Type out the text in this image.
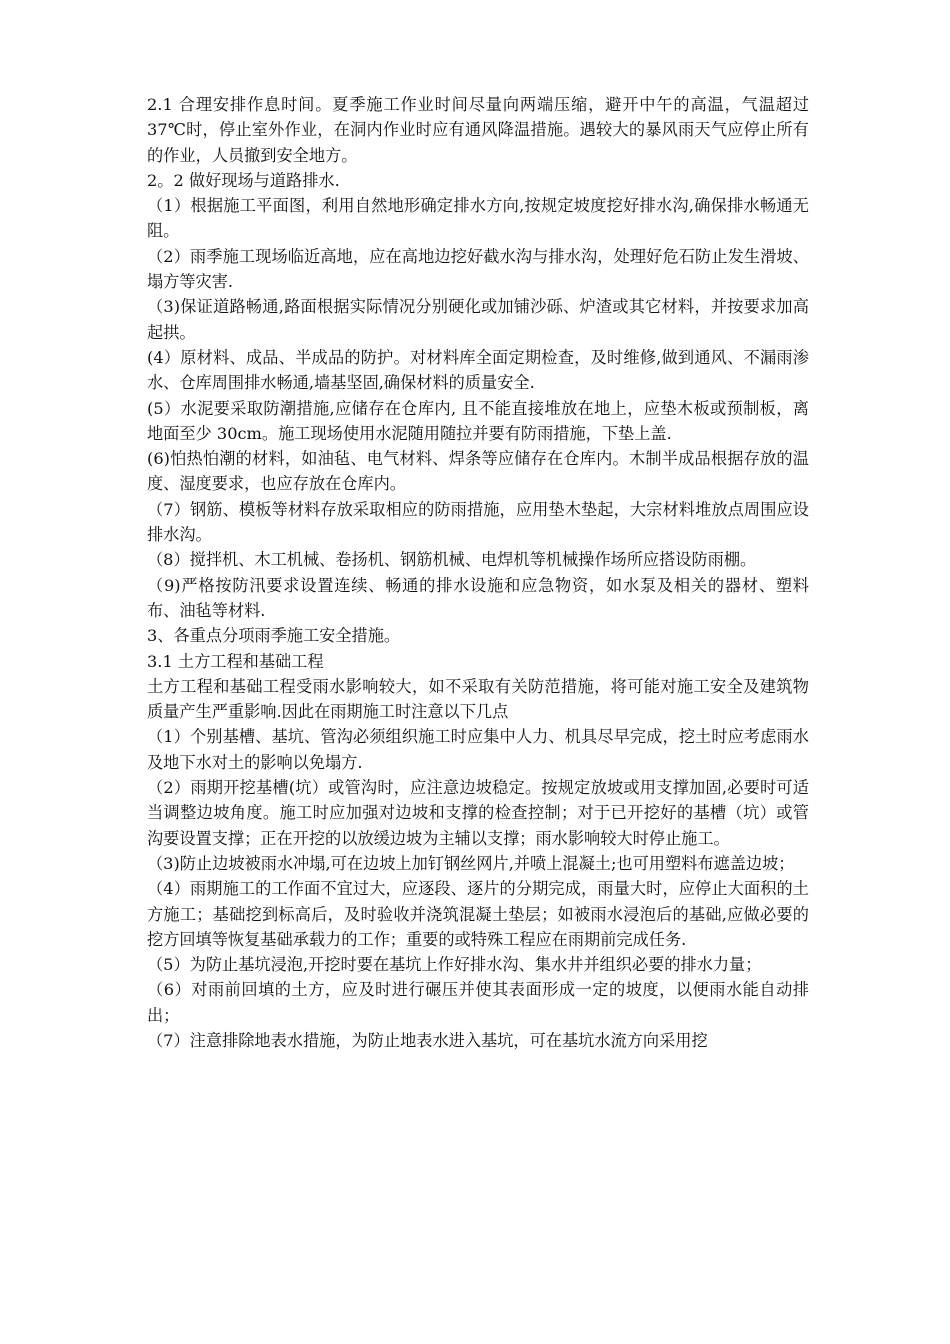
2.1 合理安排作息时间。夏季施工作业时间尽量向两端压缩，避开中午的高温，气温超过 37℃时，停止室外作业，在洞内作业时应有通风降温措施。遇较大的暴风雨天气应停止所有的作业，人员撤到安全地方。

2。2 做好现场与道路排水.

（1）根据施工平面图，利用自然地形确定排水方向,按规定坡度挖好排水沟,确保排水畅通无阻。

（2）雨季施工现场临近高地，应在高地边挖好截水沟与排水沟，处理好危石防止发生滑坡、塌方等灾害.

（3)保证道路畅通,路面根据实际情况分别硬化或加铺沙砾、炉渣或其它材料，并按要求加高起拱。

(4）原材料、成品、半成品的防护。对材料库全面定期检查，及时维修,做到通风、不漏雨渗水、仓库周围排水畅通,墙基坚固,确保材料的质量安全.

(5）水泥要采取防潮措施,应储存在仓库内, 且不能直接堆放在地上，应垫木板或预制板，离地面至少 30cm。施工现场使用水泥随用随拉并要有防雨措施，下垫上盖.

(6)怕热怕潮的材料，如油毡、电气材料、焊条等应储存在仓库内。木制半成品根据存放的温度、湿度要求，也应存放在仓库内。

（7）钢筋、模板等材料存放采取相应的防雨措施，应用垫木垫起，大宗材料堆放点周围应设排水沟。

（8）搅拌机、木工机械、卷扬机、钢筋机械、电焊机等机械操作场所应搭设防雨棚。

（9)严格按防汛要求设置连续、畅通的排水设施和应急物资，如水泵及相关的器材、塑料布、油毡等材料.

3、各重点分项雨季施工安全措施。

3.1 土方工程和基础工程

土方工程和基础工程受雨水影响较大，如不采取有关防范措施，将可能对施工安全及建筑物质量产生严重影响.因此在雨期施工时注意以下几点

（1）个别基槽、基坑、管沟必须组织施工时应集中人力、机具尽早完成，挖土时应考虑雨水及地下水对土的影响以免塌方.

（2）雨期开挖基槽(坑）或管沟时，应注意边坡稳定。按规定放坡或用支撑加固,必要时可适当调整边坡角度。施工时应加强对边坡和支撑的检查控制；对于已开挖好的基槽（坑）或管沟要设置支撑；正在开挖的以放缓边坡为主辅以支撑；雨水影响较大时停止施工。

（3)防止边坡被雨水冲塌,可在边坡上加钉钢丝网片,并喷上混凝土;也可用塑料布遮盖边坡；

（4）雨期施工的工作面不宜过大，应逐段、逐片的分期完成，雨量大时，应停止大面积的土方施工；基础挖到标高后，及时验收并浇筑混凝土垫层；如被雨水浸泡后的基础,应做必要的挖方回填等恢复基础承载力的工作；重要的或特殊工程应在雨期前完成任务.

（5）为防止基坑浸泡,开挖时要在基坑上作好排水沟、集水井并组织必要的排水力量；

（6）对雨前回填的土方，应及时进行碾压并使其表面形成一定的坡度，以便雨水能自动排出；

（7）注意排除地表水措施，为防止地表水进入基坑，可在基坑水流方向采用挖
